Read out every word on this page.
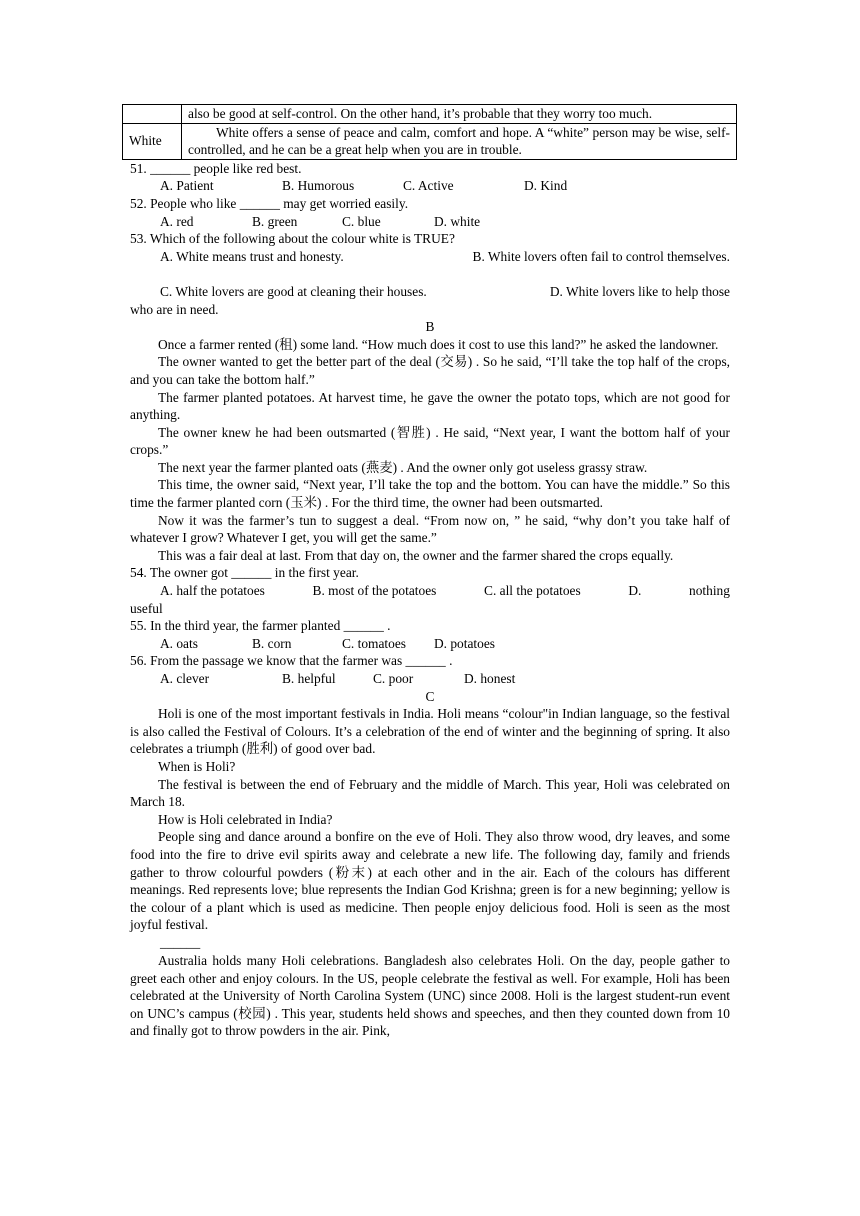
	also be good at self-control. On the other hand, it’s probable that they worry too much.
White	White offers a sense of peace and calm, comfort and hope. A “white” person may be wise, self-controlled, and he can be a great help when you are in trouble.
51. ______ people like red best.
A. Patient	B. Humorous	C. Active	D. Kind
52. People who like ______ may get worried easily.
A. red	B. green	C. blue	D. white
53. Which of the following about the colour white is TRUE?
A. White means trust and honesty.	B. White lovers often fail to control themselves.
C. White lovers are good at cleaning their houses.	D. White lovers like to help those
who are in need.
B

Once a farmer rented (租) some land. “How much does it cost to use this land?” he asked the landowner.

The owner wanted to get the better part of the deal (交易) . So he said, “I’ll take the top half of the crops, and you can take the bottom half.”

The farmer planted potatoes. At harvest time, he gave the owner the potato tops, which are not good for anything.

The owner knew he had been outsmarted (智胜) . He said, “Next year, I want the bottom half of your crops.”

The next year the farmer planted oats (燕麦) . And the owner only got useless grassy straw.

This time, the owner said, “Next year, I’ll take the top and the bottom. You can have the middle.” So this time the farmer planted corn (玉米) . For the third time, the owner had been outsmarted.

Now it was the farmer’s tun to suggest a deal. “From now on, ” he said, “why don’t you take half of whatever I grow? Whatever I get, you will get the same.”

This was a fair deal at last. From that day on, the owner and the farmer shared the crops equally.

54. The owner got ______ in the first year.
A. half the potatoes	B. most of the potatoes	C. all the potatoes	D.	nothing
useful
55. In the third year, the farmer planted ______ .
A. oats	B. corn	C. tomatoes	D. potatoes
56. From the passage we know that the farmer was ______ .
A. clever	B. helpful	C. poor	D. honest
C

Holi is one of the most important festivals in India. Holi means “colour"in Indian language, so the festival is also called the Festival of Colours. It’s a celebration of the end of winter and the beginning of spring. It also celebrates a triumph (胜利) of good over bad.

When is Holi?

The festival is between the end of February and the middle of March. This year, Holi was celebrated on March 18.

How is Holi celebrated in India?

People sing and dance around a bonfire on the eve of Holi. They also throw wood, dry leaves, and some food into the fire to drive evil spirits away and celebrate a new life. The following day, family and friends gather to throw colourful powders (粉末) at each other and in the air. Each of the colours has different meanings. Red represents love; blue represents the Indian God Krishna; green is for a new beginning; yellow is the colour of a plant which is used as medicine. Then people enjoy delicious food. Holi is seen as the most joyful festival.

______

Australia holds many Holi celebrations. Bangladesh also celebrates Holi. On the day, people gather to greet each other and enjoy colours. In the US, people celebrate the festival as well. For example, Holi has been celebrated at the University of North Carolina System (UNC) since 2008. Holi is the largest student-run event on UNC’s campus (校园) . This year, students held shows and speeches, and then they counted down from 10 and finally got to throw powders in the air. Pink,
